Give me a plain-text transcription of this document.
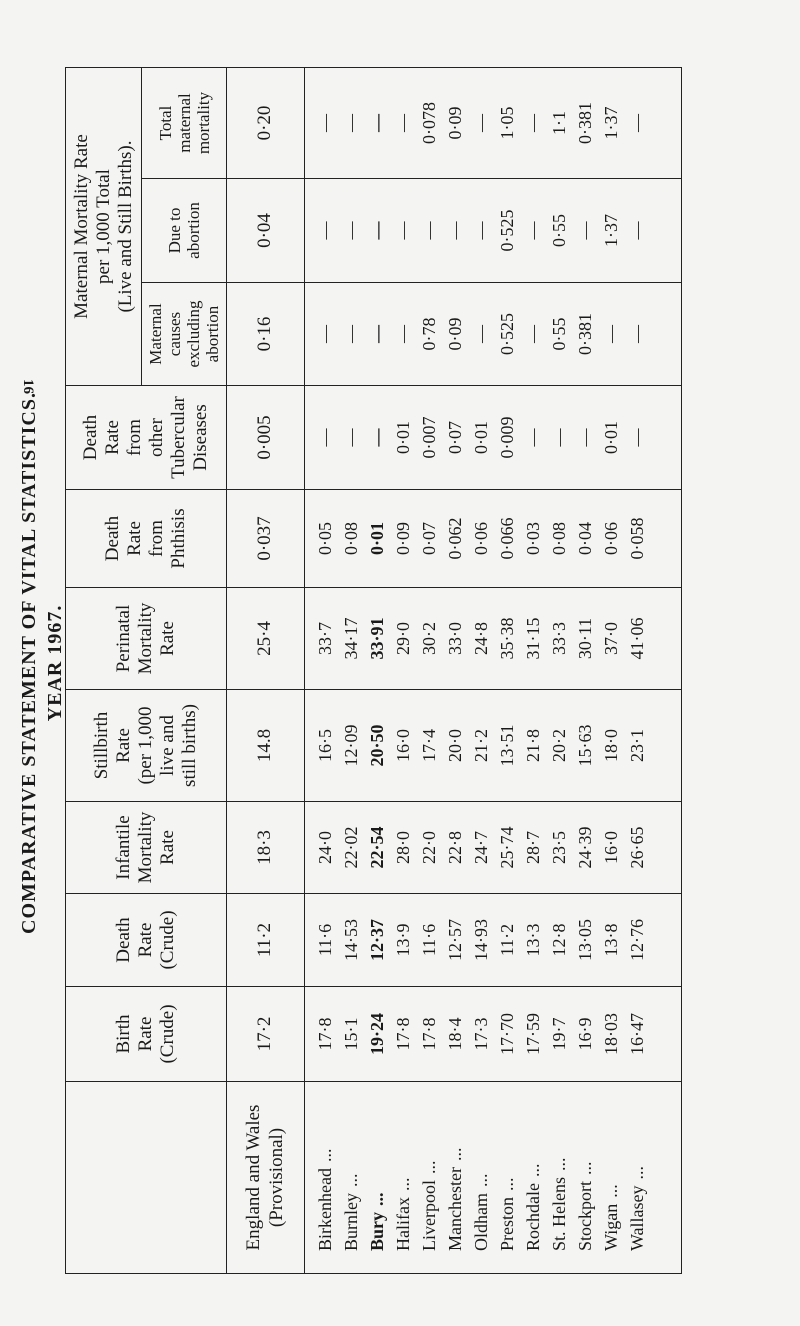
COMPARATIVE STATEMENT OF VITAL STATISTICS. YEAR 1967.
Birth Rate (Crude)
Death Rate (Crude)
Infantile Mortality Rate
Stillbirth Rate (per 1,000 live and still births)
Perinatal Mortality Rate
Death Rate from Phthisis
Death Rate from other Tubercular Diseases
Maternal Mortality Rate per 1,000 Total (Live and Still Births).
Maternal causes excluding abortion
Due to abortion
Total maternal mortality
England and Wales (Provisional)
17·2
11·2
18·3
14.8
25·4
0·037
0·005
0·16
0·04
0·20
Birkenhead...
Burnley...
Bury... Halifax... Liverpool... Manchester...
Oldham...
Preston... Rochdale...
St. Helens...
Stockport...
Wigan... Wallasey...
17·8 15·1 19·24 17·8 17·8 18·4 17·3 17·70 17·59 19·7 16·9 18·03 16·47
11·6 14·53 12·37 13·9 11·6 12·57 14·93 11·2 13·3 12·8 13·05 13·8 12·76
24·0 22·02 22·54 28·0 22·0 22·8 24·7 25·74 28·7 23·5 24·39 16·0 26·65
16·5 12·09 20·50 16·0 17·4 20·0 21·2 13·51 21·8 20·2 15·63 18·0 23·1
33·7 34·17 33·91 29·0 30·2 33·0 24·8 35·38 31·15 33·3 30·11 37·0 41·06
0·05 0·08 0·01 0·09 0·07 0·062 0·06 0·066 0·03 0·08 0·04 0·06 0·058
— — — 0·01 0·007 0·07 0·01 0·009 — — — 0·01 —
— — — — 0·78 0·09 — 0·525 — 0·55 0·381 — —
— — — — — — — 0·525 — 0·55 — 1·37 —
— — — — 0·078 0·09 — 1·05 — 1·1 0·381 1·37 —
16
